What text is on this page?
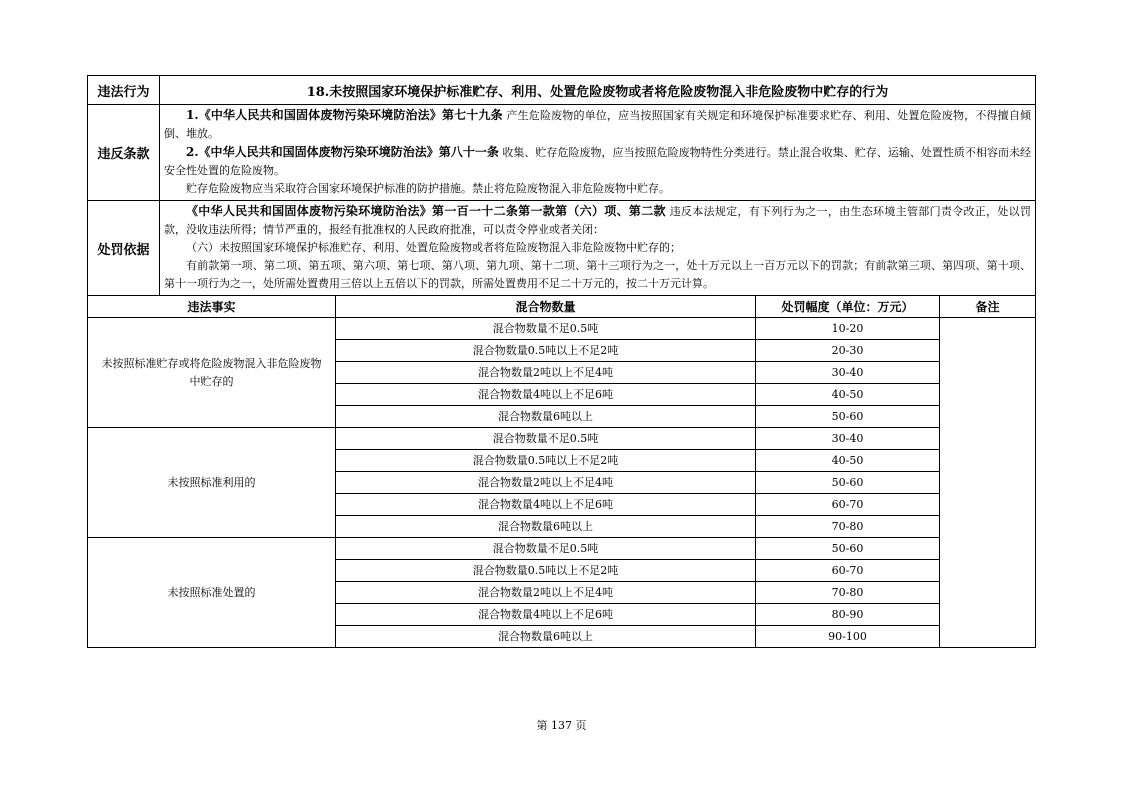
违法行为	18.未按照国家环境保护标准贮存、利用、处置危险废物或者将危险废物混入非危险废物中贮存的行为			
违反条款	1.《中华人民共和国固体废物污染环境防治法》第七十九条 产生危险废物的单位，应当按照国家有关规定和环境保护标准要求贮存、利用、处置危险废物，不得擅自倾倒、堆放。

2.《中华人民共和国固体废物污染环境防治法》第八十一条 收集、贮存危险废物，应当按照危险废物特性分类进行。禁止混合收集、贮存、运输、处置性质不相容而未经安全性处置的危险废物。

贮存危险废物应当采取符合国家环境保护标准的防护措施。禁止将危险废物混入非危险废物中贮存。			

处罚依据	《中华人民共和国固体废物污染环境防治法》第一百一十二条第一款第（六）项、第二款 违反本法规定，有下列行为之一，由生态环境主管部门责令改正，处以罚款，没收违法所得；情节严重的，报经有批准权的人民政府批准，可以责令停业或者关闭：

（六）未按照国家环境保护标准贮存、利用、处置危险废物或者将危险废物混入非危险废物中贮存的；

有前款第一项、第二项、第五项、第六项、第七项、第八项、第九项、第十二项、第十三项行为之一，处十万元以上一百万元以下的罚款；有前款第三项、第四项、第十项、第十一项行为之一，处所需处置费用三倍以上五倍以下的罚款，所需处置费用不足二十万元的，按二十万元计算。			

违法事实		混合物数量	处罚幅度（单位：万元）	备注
未按照标准贮存或将危险废物混入非危险废物中贮存的		混合物数量不足0.5吨	10-20	
		混合物数量0.5吨以上不足2吨	20-30	
		混合物数量2吨以上不足4吨	30-40	
		混合物数量4吨以上不足6吨	40-50	
		混合物数量6吨以上	50-60	
未按照标准利用的		混合物数量不足0.5吨	30-40	
		混合物数量0.5吨以上不足2吨	40-50	
		混合物数量2吨以上不足4吨	50-60	
		混合物数量4吨以上不足6吨	60-70	
		混合物数量6吨以上	70-80	
未按照标准处置的		混合物数量不足0.5吨	50-60	
		混合物数量0.5吨以上不足2吨	60-70	
		混合物数量2吨以上不足4吨	70-80	
		混合物数量4吨以上不足6吨	80-90	
		混合物数量6吨以上	90-100	
第 137 页
